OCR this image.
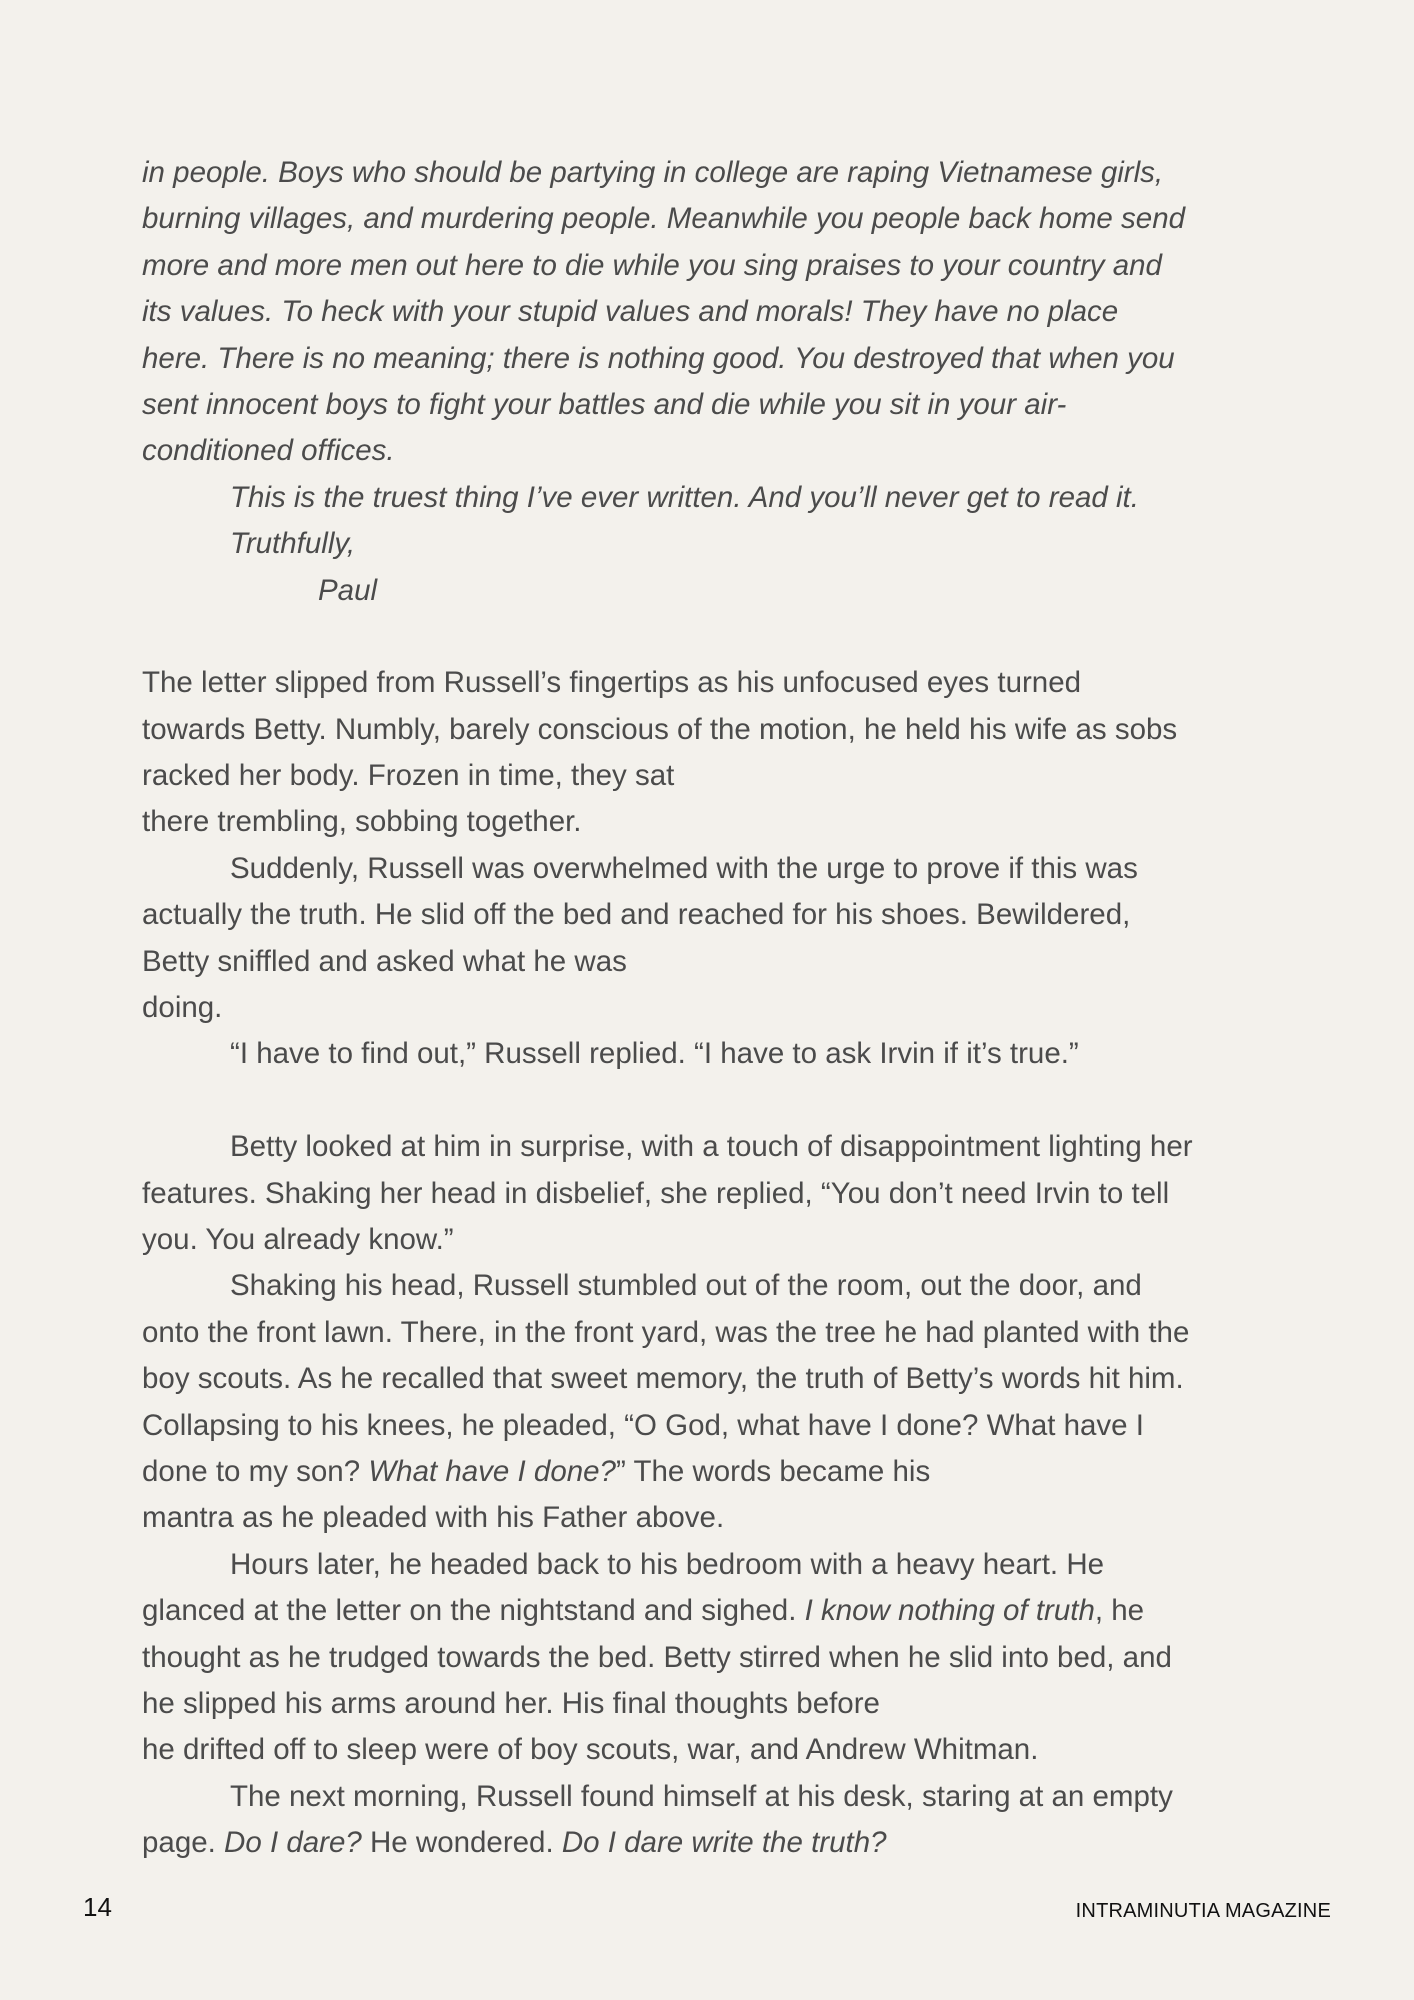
in people. Boys who should be partying in college are raping Vietnamese girls,
burning villages, and murdering people. Meanwhile you people back home send
more and more men out here to die while you sing praises to your country and
its values. To heck with your stupid values and morals! They have no place
here. There is no meaning; there is nothing good. You destroyed that when you
sent innocent boys to fight your battles and die while you sit in your air-
conditioned offices.
This is the truest thing I’ve ever written. And you’ll never get to read it.
Truthfully,
Paul
The letter slipped from Russell’s fingertips as his unfocused eyes turned
towards Betty. Numbly, barely conscious of the motion, he held his wife as sobs
racked her body. Frozen in time, they sat
there trembling, sobbing together.
Suddenly, Russell was overwhelmed with the urge to prove if this was
actually the truth. He slid off the bed and reached for his shoes. Bewildered,
Betty sniffled and asked what he was
doing.
“I have to find out,” Russell replied. “I have to ask Irvin if it’s true.”
Betty looked at him in surprise, with a touch of disappointment lighting her
features. Shaking her head in disbelief, she replied, “You don’t need Irvin to tell
you. You already know.”
Shaking his head, Russell stumbled out of the room, out the door, and
onto the front lawn. There, in the front yard, was the tree he had planted with the
boy scouts. As he recalled that sweet memory, the truth of Betty’s words hit him.
Collapsing to his knees, he pleaded, “O God, what have I done? What have I
done to my son? What have I done?” The words became his
mantra as he pleaded with his Father above.
Hours later, he headed back to his bedroom with a heavy heart. He
glanced at the letter on the nightstand and sighed. I know nothing of truth, he
thought as he trudged towards the bed. Betty stirred when he slid into bed, and
he slipped his arms around her. His final thoughts before
he drifted off to sleep were of boy scouts, war, and Andrew Whitman.
The next morning, Russell found himself at his desk, staring at an empty
page. Do I dare? He wondered. Do I dare write the truth?
14	INTRAMINUTIA MAGAZINE
